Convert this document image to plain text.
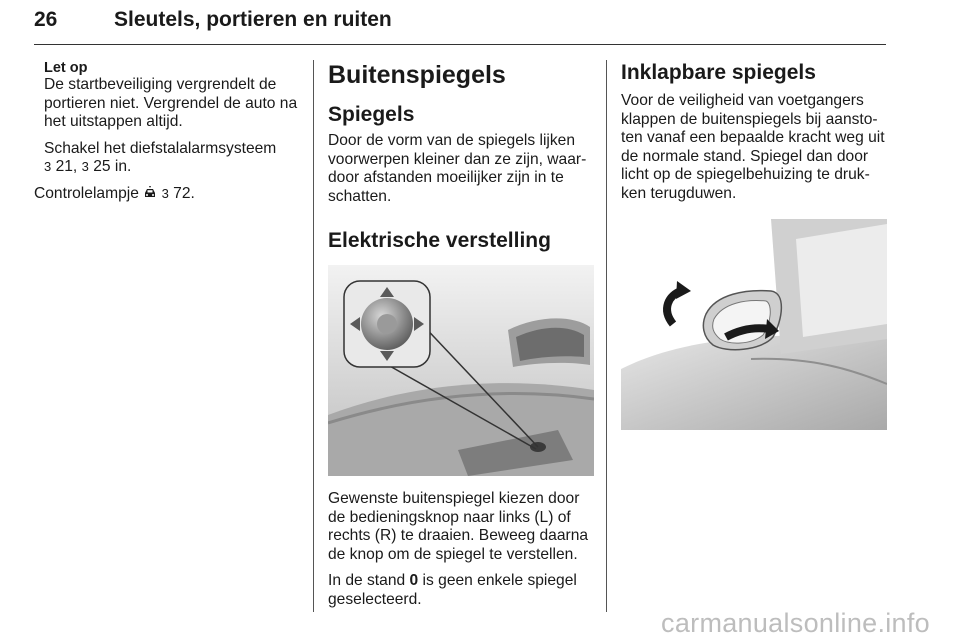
26	Sleutels, portieren en ruiten
Let op

De startbeveiliging vergrendelt de portieren niet. Vergrendel de auto na het uitstappen altijd.

Schakel het diefstalalarmsysteem
3 21, 3 25 in.

Controlelampje 3 72.

Buitenspiegels
Spiegels

Door de vorm van de spiegels lijken voorwerpen kleiner dan ze zijn, waar-door afstanden moeilijker zijn in te schatten.

Elektrische verstelling

Gewenste buitenspiegel kiezen door de bedieningsknop naar links (L) of rechts (R) te draaien. Beweeg daarna de knop om de spiegel te verstellen.

In de stand 0 is geen enkele spiegel geselecteerd.

Inklapbare spiegels

Voor de veiligheid van voetgangers klappen de buitenspiegels bij aansto-ten vanaf een bepaalde kracht weg uit de normale stand. Spiegel dan door licht op de spiegelbehuizing te druk-ken terugduwen.

carmanualsonline.info
